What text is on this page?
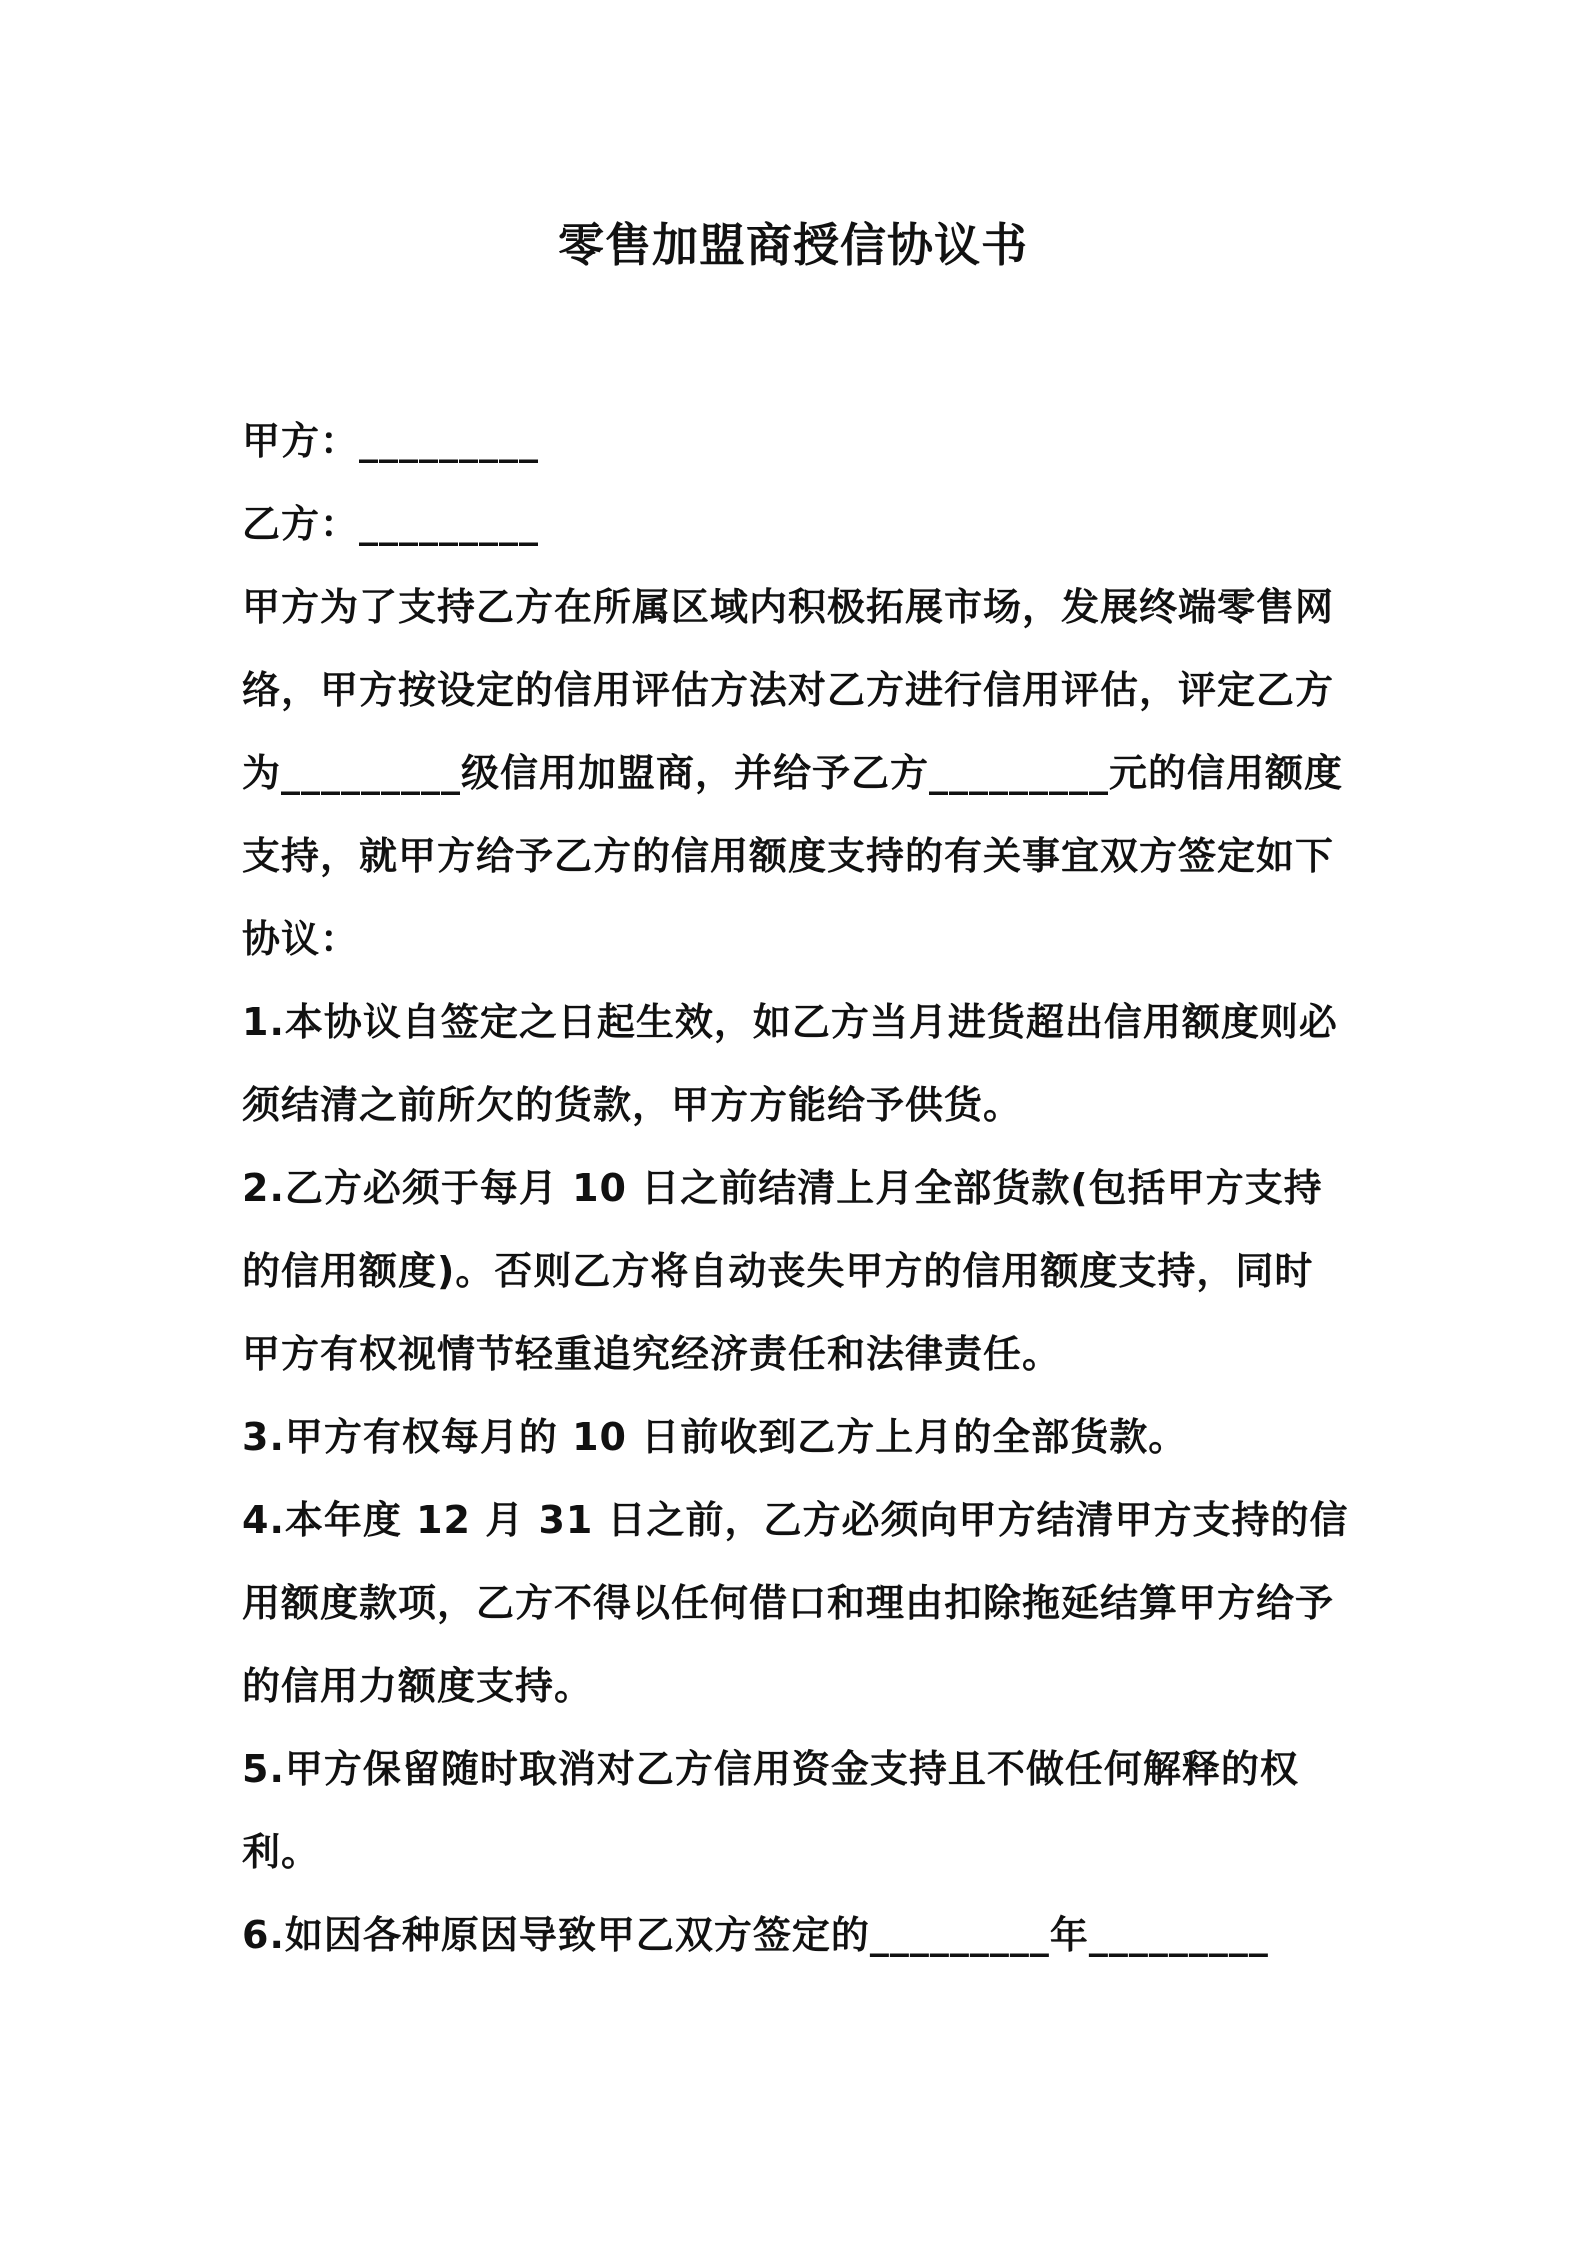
零售加盟商授信协议书

甲方：_________

乙方：_________

甲方为了支持乙方在所属区域内积极拓展市场，发展终端零售网络，甲方按设定的信用评估方法对乙方进行信用评估，评定乙方为_________级信用加盟商，并给予乙方_________元的信用额度支持，就甲方给予乙方的信用额度支持的有关事宜双方签定如下协议：

1.本协议自签定之日起生效，如乙方当月进货超出信用额度则必须结清之前所欠的货款，甲方方能给予供货。

2.乙方必须于每月 10 日之前结清上月全部货款(包括甲方支持的信用额度)。否则乙方将自动丧失甲方的信用额度支持，同时甲方有权视情节轻重追究经济责任和法律责任。

3.甲方有权每月的 10 日前收到乙方上月的全部货款。

4.本年度 12 月 31 日之前，乙方必须向甲方结清甲方支持的信用额度款项，乙方不得以任何借口和理由扣除拖延结算甲方给予的信用力额度支持。

5.甲方保留随时取消对乙方信用资金支持且不做任何解释的权利。

6.如因各种原因导致甲乙双方签定的_________年_________
